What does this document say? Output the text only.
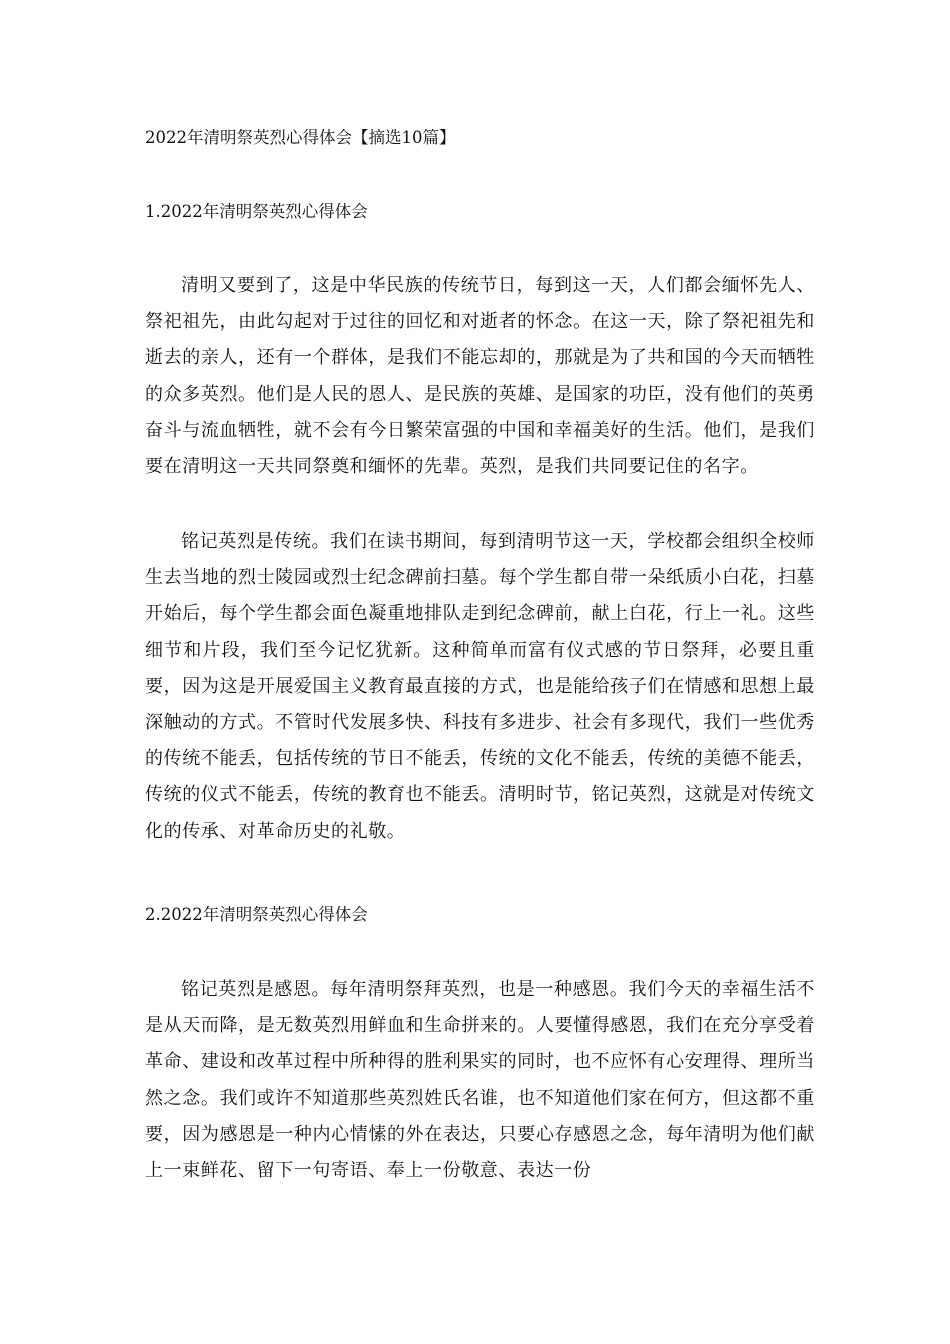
2022年清明祭英烈心得体会【摘选10篇】
1.2022年清明祭英烈心得体会

清明又要到了，这是中华民族的传统节日，每到这一天，人们都会缅怀先人、祭祀祖先，由此勾起对于过往的回忆和对逝者的怀念。在这一天，除了祭祀祖先和逝去的亲人，还有一个群体，是我们不能忘却的，那就是为了共和国的今天而牺牲的众多英烈。他们是人民的恩人、是民族的英雄、是国家的功臣，没有他们的英勇奋斗与流血牺牲，就不会有今日繁荣富强的中国和幸福美好的生活。他们，是我们要在清明这一天共同祭奠和缅怀的先辈。英烈，是我们共同要记住的名字。

铭记英烈是传统。我们在读书期间，每到清明节这一天，学校都会组织全校师生去当地的烈士陵园或烈士纪念碑前扫墓。每个学生都自带一朵纸质小白花，扫墓开始后，每个学生都会面色凝重地排队走到纪念碑前，献上白花，行上一礼。这些细节和片段，我们至今记忆犹新。这种简单而富有仪式感的节日祭拜，必要且重要，因为这是开展爱国主义教育最直接的方式，也是能给孩子们在情感和思想上最深触动的方式。不管时代发展多快、科技有多进步、社会有多现代，我们一些优秀的传统不能丢，包括传统的节日不能丢，传统的文化不能丢，传统的美德不能丢，传统的仪式不能丢，传统的教育也不能丢。清明时节，铭记英烈，这就是对传统文化的传承、对革命历史的礼敬。

2.2022年清明祭英烈心得体会

铭记英烈是感恩。每年清明祭拜英烈，也是一种感恩。我们今天的幸福生活不是从天而降，是无数英烈用鲜血和生命拼来的。人要懂得感恩，我们在充分享受着革命、建设和改革过程中所种得的胜利果实的同时，也不应怀有心安理得、理所当然之念。我们或许不知道那些英烈姓氏名谁，也不知道他们家在何方，但这都不重要，因为感恩是一种内心情愫的外在表达，只要心存感恩之念，每年清明为他们献上一束鲜花、留下一句寄语、奉上一份敬意、表达一份
